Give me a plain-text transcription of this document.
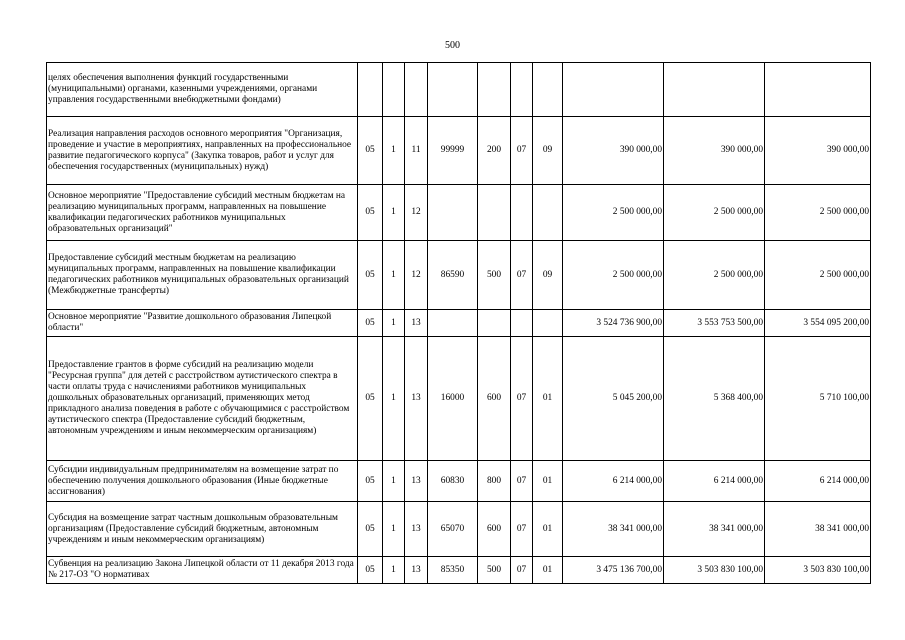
500
целях обеспечения выполнения функций государственными (муниципальными) органами, казенными учреждениями, органами управления государственными внебюджетными фондами)										
Реализация направления расходов основного мероприятия "Организация, проведение и участие в мероприятиях, направленных на профессиональное развитие педагогического корпуса" (Закупка товаров, работ и услуг для обеспечения государственных (муниципальных) нужд)	05	1	11	99999	200	07	09	390 000,00	390 000,00	390 000,00
Основное мероприятие "Предоставление субсидий местным бюджетам на реализацию муниципальных программ, направленных на повышение квалификации педагогических работников муниципальных образовательных организаций"	05	1	12					2 500 000,00	2 500 000,00	2 500 000,00
Предоставление субсидий местным бюджетам на реализацию муниципальных программ, направленных на повышение квалификации педагогических работников муниципальных образовательных организаций (Межбюджетные трансферты)	05	1	12	86590	500	07	09	2 500 000,00	2 500 000,00	2 500 000,00
Основное мероприятие "Развитие дошкольного образования Липецкой области"	05	1	13					3 524 736 900,00	3 553 753 500,00	3 554 095 200,00
Предоставление грантов в форме субсидий на реализацию модели "Ресурсная группа" для детей с расстройством аутистического спектра в части оплаты труда с начислениями работников муниципальных дошкольных образовательных организаций, применяющих метод прикладного анализа поведения в работе с обучающимися с расстройством аутистического спектра (Предоставление субсидий бюджетным, автономным учреждениям и иным некоммерческим организациям)	05	1	13	16000	600	07	01	5 045 200,00	5 368 400,00	5 710 100,00
Субсидии индивидуальным предпринимателям на возмещение затрат по обеспечению получения дошкольного образования (Иные бюджетные ассигнования)	05	1	13	60830	800	07	01	6 214 000,00	6 214 000,00	6 214 000,00
Субсидия на возмещение затрат частным дошкольным образовательным организациям (Предоставление субсидий бюджетным, автономным учреждениям и иным некоммерческим организациям)	05	1	13	65070	600	07	01	38 341 000,00	38 341 000,00	38 341 000,00
Субвенция на реализацию Закона Липецкой области от 11 декабря 2013 года № 217-ОЗ "О нормативах	05	1	13	85350	500	07	01	3 475 136 700,00	3 503 830 100,00	3 503 830 100,00
